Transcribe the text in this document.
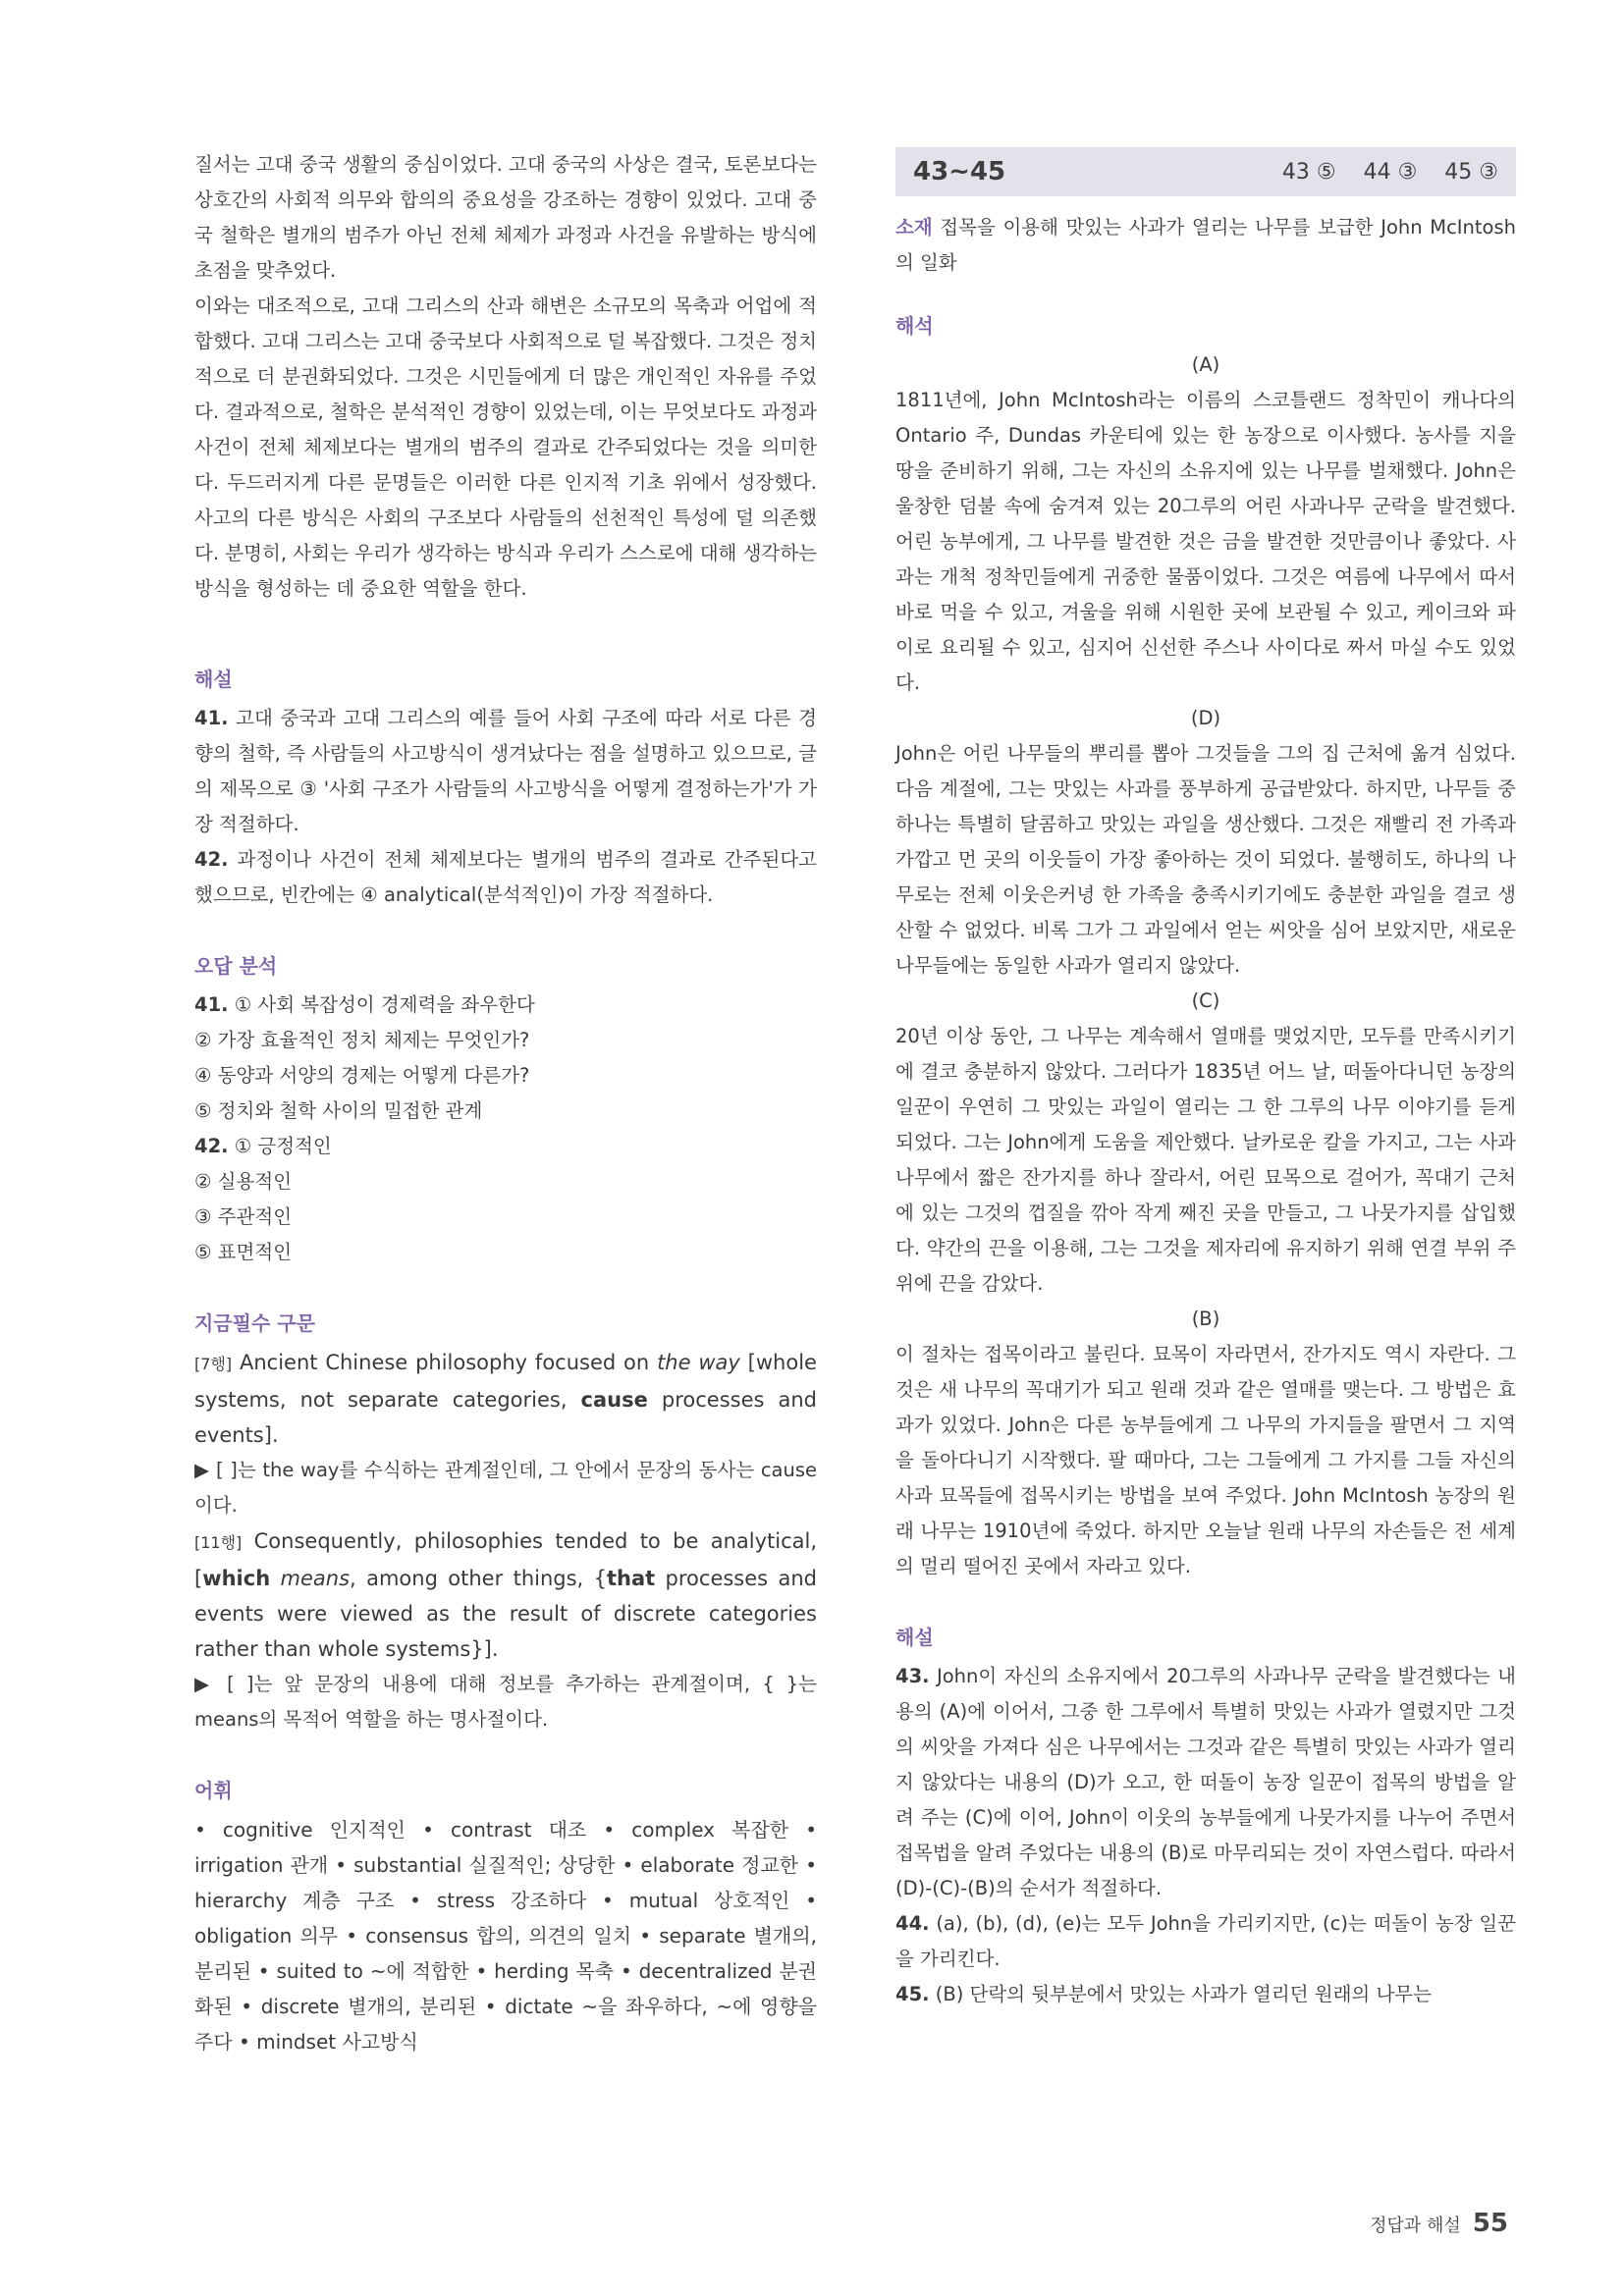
질서는 고대 중국 생활의 중심이었다. 고대 중국의 사상은 결국, 토론보다는 상호간의 사회적 의무와 합의의 중요성을 강조하는 경향이 있었다. 고대 중국 철학은 별개의 범주가 아닌 전체 체제가 과정과 사건을 유발하는 방식에 초점을 맞추었다.

이와는 대조적으로, 고대 그리스의 산과 해변은 소규모의 목축과 어업에 적합했다. 고대 그리스는 고대 중국보다 사회적으로 덜 복잡했다. 그것은 정치적으로 더 분권화되었다. 그것은 시민들에게 더 많은 개인적인 자유를 주었다. 결과적으로, 철학은 분석적인 경향이 있었는데, 이는 무엇보다도 과정과 사건이 전체 체제보다는 별개의 범주의 결과로 간주되었다는 것을 의미한다. 두드러지게 다른 문명들은 이러한 다른 인지적 기초 위에서 성장했다. 사고의 다른 방식은 사회의 구조보다 사람들의 선천적인 특성에 덜 의존했다. 분명히, 사회는 우리가 생각하는 방식과 우리가 스스로에 대해 생각하는 방식을 형성하는 데 중요한 역할을 한다.

해설

41. 고대 중국과 고대 그리스의 예를 들어 사회 구조에 따라 서로 다른 경향의 철학, 즉 사람들의 사고방식이 생겨났다는 점을 설명하고 있으므로, 글의 제목으로 ③ '사회 구조가 사람들의 사고방식을 어떻게 결정하는가'가 가장 적절하다.

42. 과정이나 사건이 전체 체제보다는 별개의 범주의 결과로 간주된다고 했으므로, 빈칸에는 ④ analytical(분석적인)이 가장 적절하다.

오답 분석

41. ① 사회 복잡성이 경제력을 좌우한다

② 가장 효율적인 정치 체제는 무엇인가?

④ 동양과 서양의 경제는 어떻게 다른가?

⑤ 정치와 철학 사이의 밀접한 관계

42. ① 긍정적인

② 실용적인

③ 주관적인

⑤ 표면적인

지금필수 구문

[7행] Ancient Chinese philosophy focused on the way [whole systems, not separate categories, cause processes and events].

▶ [ ]는 the way를 수식하는 관계절인데, 그 안에서 문장의 동사는 cause이다.

[11행] Consequently, philosophies tended to be analytical, [which means, among other things, {that processes and events were viewed as the result of discrete categories rather than whole systems}].

▶ [ ]는 앞 문장의 내용에 대해 정보를 추가하는 관계절이며, { }는 means의 목적어 역할을 하는 명사절이다.

어휘

• cognitive 인지적인 • contrast 대조 • complex 복잡한 • irrigation 관개 • substantial 실질적인; 상당한 • elaborate 정교한 • hierarchy 계층 구조 • stress 강조하다 • mutual 상호적인 • obligation 의무 • consensus 합의, 의견의 일치 • separate 별개의, 분리된 • suited to ~에 적합한 • herding 목축 • decentralized 분권화된 • discrete 별개의, 분리된 • dictate ~을 좌우하다, ~에 영향을 주다 • mindset 사고방식

43~45	43 ⑤ 44 ③ 45 ③

소재 접목을 이용해 맛있는 사과가 열리는 나무를 보급한 John McIntosh의 일화

해석

(A)

1811년에, John McIntosh라는 이름의 스코틀랜드 정착민이 캐나다의 Ontario 주, Dundas 카운티에 있는 한 농장으로 이사했다. 농사를 지을 땅을 준비하기 위해, 그는 자신의 소유지에 있는 나무를 벌채했다. John은 울창한 덤불 속에 숨겨져 있는 20그루의 어린 사과나무 군락을 발견했다. 어린 농부에게, 그 나무를 발견한 것은 금을 발견한 것만큼이나 좋았다. 사과는 개척 정착민들에게 귀중한 물품이었다. 그것은 여름에 나무에서 따서 바로 먹을 수 있고, 겨울을 위해 시원한 곳에 보관될 수 있고, 케이크와 파이로 요리될 수 있고, 심지어 신선한 주스나 사이다로 짜서 마실 수도 있었다.

(D)

John은 어린 나무들의 뿌리를 뽑아 그것들을 그의 집 근처에 옮겨 심었다. 다음 계절에, 그는 맛있는 사과를 풍부하게 공급받았다. 하지만, 나무들 중 하나는 특별히 달콤하고 맛있는 과일을 생산했다. 그것은 재빨리 전 가족과 가깝고 먼 곳의 이웃들이 가장 좋아하는 것이 되었다. 불행히도, 하나의 나무로는 전체 이웃은커녕 한 가족을 충족시키기에도 충분한 과일을 결코 생산할 수 없었다. 비록 그가 그 과일에서 얻는 씨앗을 심어 보았지만, 새로운 나무들에는 동일한 사과가 열리지 않았다.

(C)

20년 이상 동안, 그 나무는 계속해서 열매를 맺었지만, 모두를 만족시키기에 결코 충분하지 않았다. 그러다가 1835년 어느 날, 떠돌아다니던 농장의 일꾼이 우연히 그 맛있는 과일이 열리는 그 한 그루의 나무 이야기를 듣게 되었다. 그는 John에게 도움을 제안했다. 날카로운 칼을 가지고, 그는 사과나무에서 짧은 잔가지를 하나 잘라서, 어린 묘목으로 걸어가, 꼭대기 근처에 있는 그것의 껍질을 깎아 작게 째진 곳을 만들고, 그 나뭇가지를 삽입했다. 약간의 끈을 이용해, 그는 그것을 제자리에 유지하기 위해 연결 부위 주위에 끈을 감았다.

(B)

이 절차는 접목이라고 불린다. 묘목이 자라면서, 잔가지도 역시 자란다. 그것은 새 나무의 꼭대기가 되고 원래 것과 같은 열매를 맺는다. 그 방법은 효과가 있었다. John은 다른 농부들에게 그 나무의 가지들을 팔면서 그 지역을 돌아다니기 시작했다. 팔 때마다, 그는 그들에게 그 가지를 그들 자신의 사과 묘목들에 접목시키는 방법을 보여 주었다. John McIntosh 농장의 원래 나무는 1910년에 죽었다. 하지만 오늘날 원래 나무의 자손들은 전 세계의 멀리 떨어진 곳에서 자라고 있다.

해설

43. John이 자신의 소유지에서 20그루의 사과나무 군락을 발견했다는 내용의 (A)에 이어서, 그중 한 그루에서 특별히 맛있는 사과가 열렸지만 그것의 씨앗을 가져다 심은 나무에서는 그것과 같은 특별히 맛있는 사과가 열리지 않았다는 내용의 (D)가 오고, 한 떠돌이 농장 일꾼이 접목의 방법을 알려 주는 (C)에 이어, John이 이웃의 농부들에게 나뭇가지를 나누어 주면서 접목법을 알려 주었다는 내용의 (B)로 마무리되는 것이 자연스럽다. 따라서 (D)-(C)-(B)의 순서가 적절하다.

44. (a), (b), (d), (e)는 모두 John을 가리키지만, (c)는 떠돌이 농장 일꾼을 가리킨다.

45. (B) 단락의 뒷부분에서 맛있는 사과가 열리던 원래의 나무는

정답과 해설 55
